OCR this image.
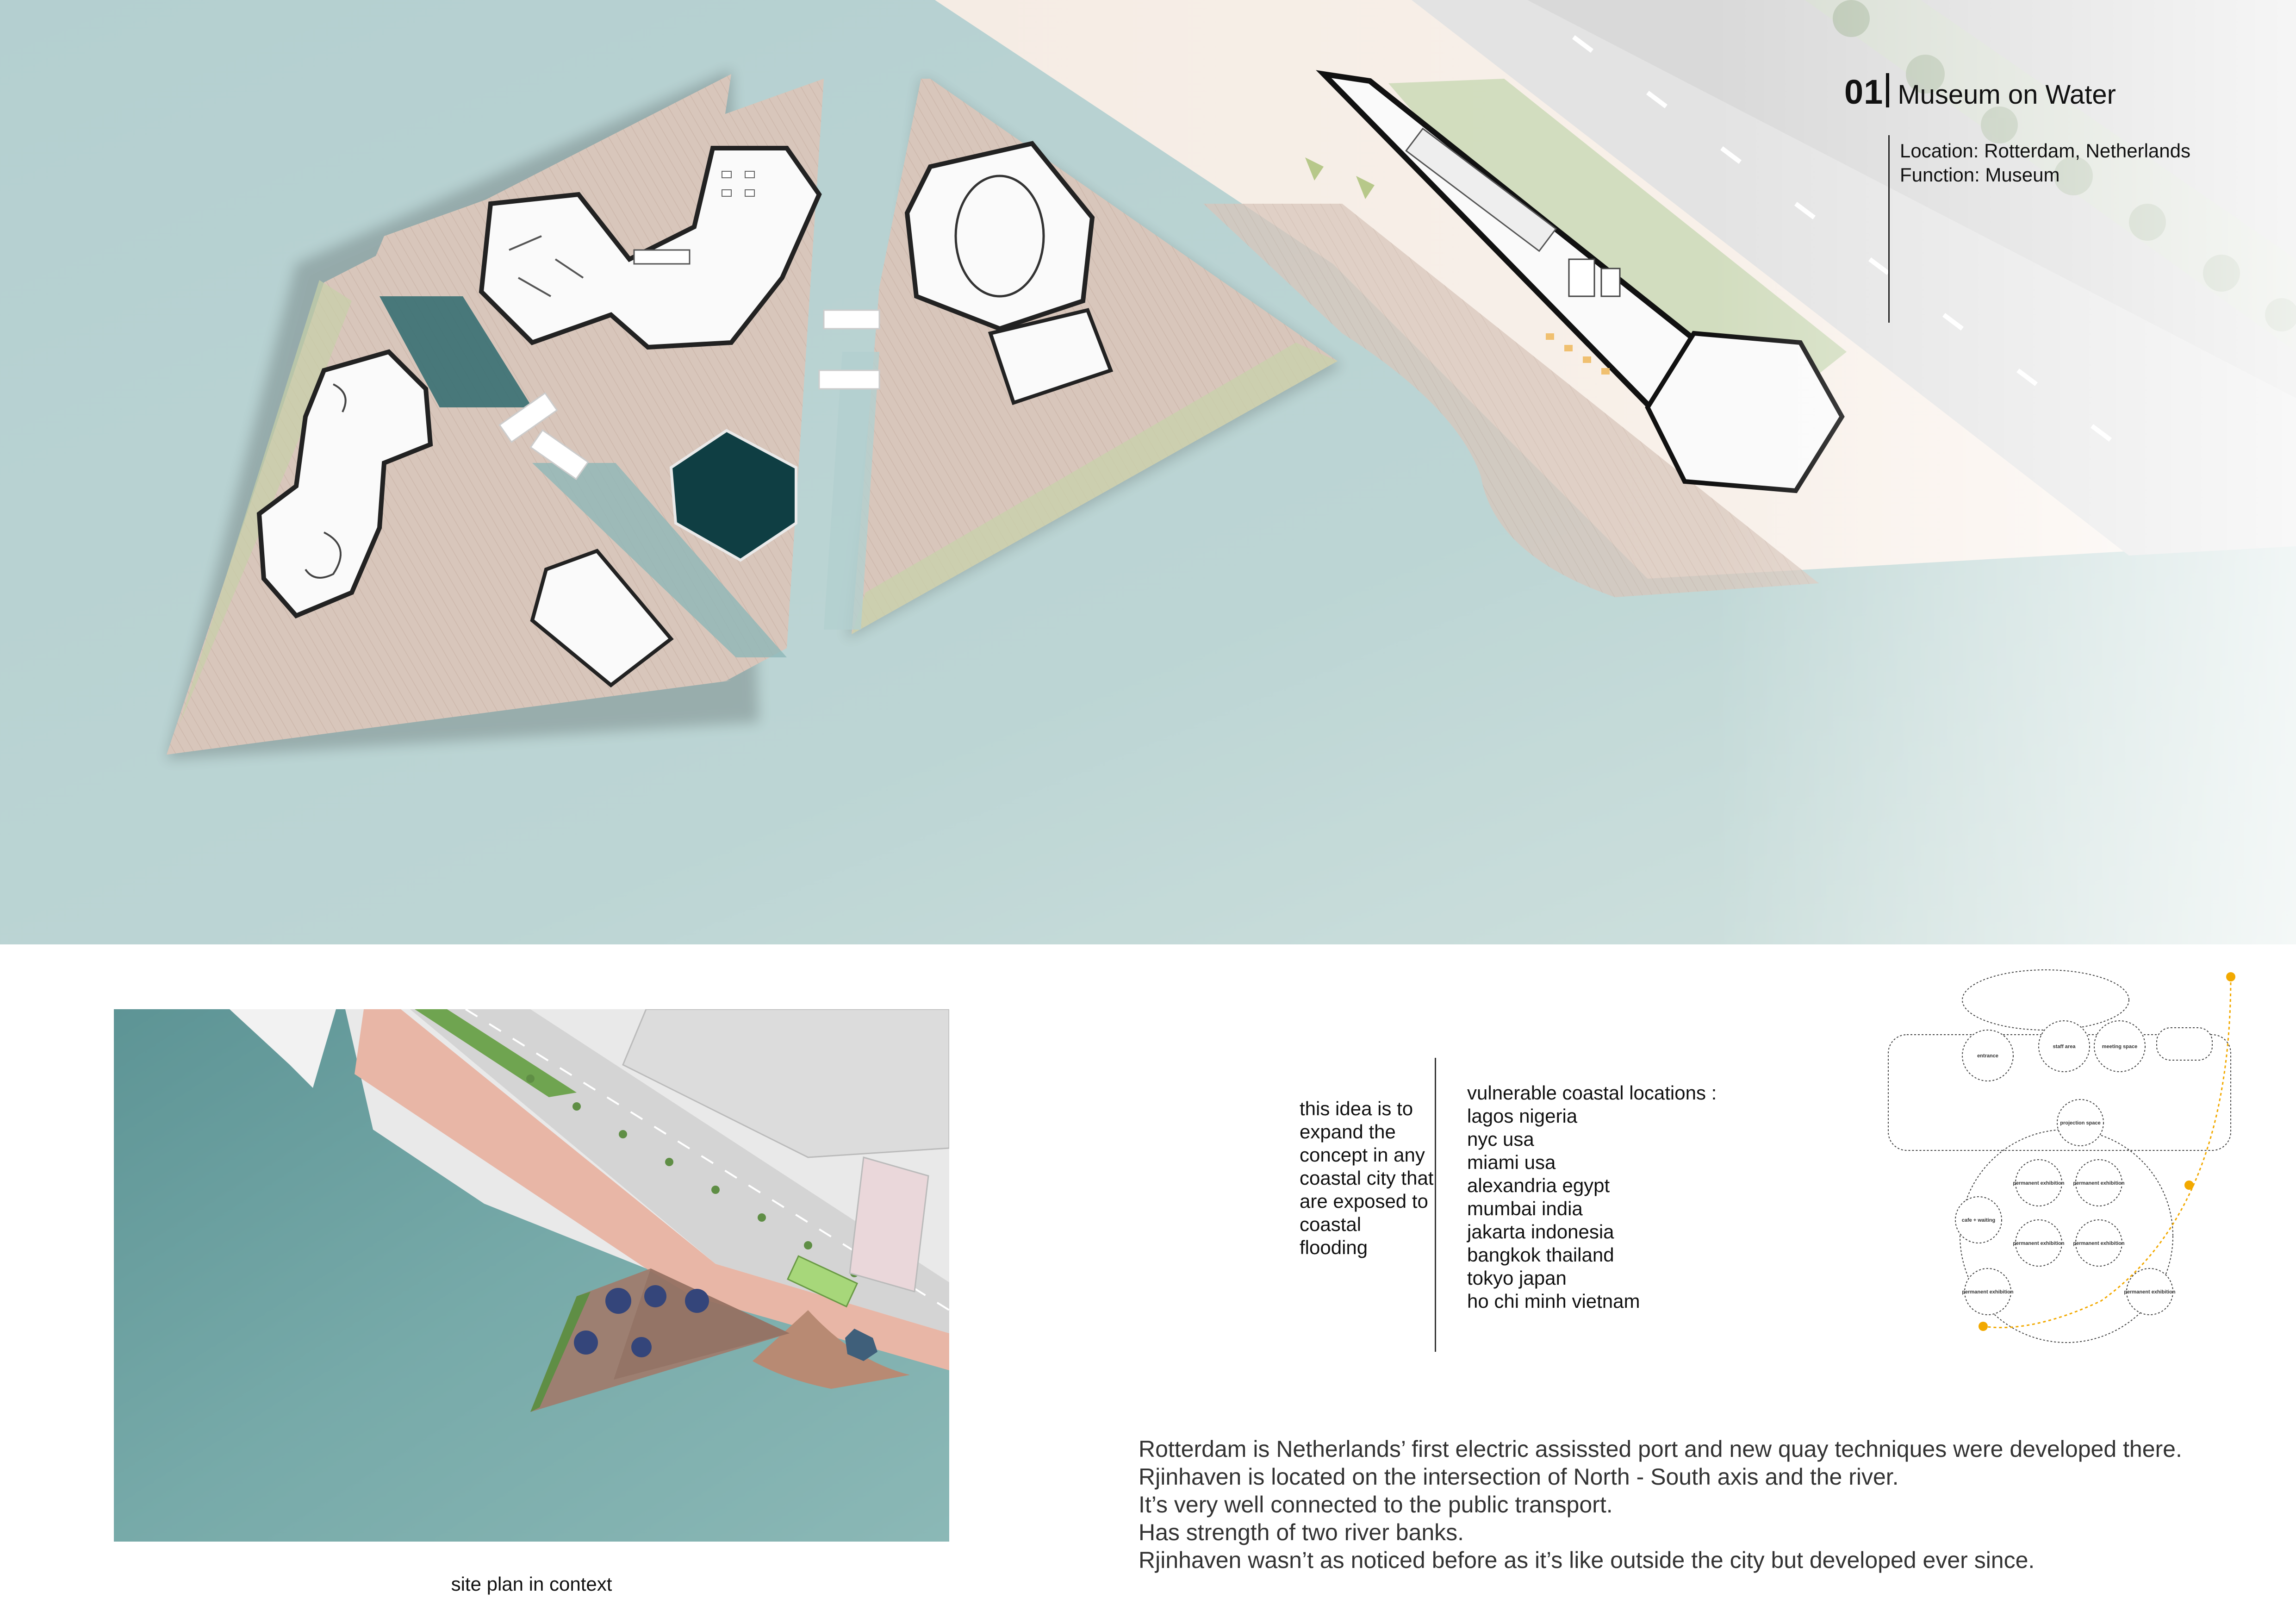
01 Museum on Water
Location: Rotterdam, Netherlands
Function: Museum
site plan in context
this idea is to expand the concept in any coastal city that are exposed to coastal flooding
vulnerable coastal locations :
lagos nigeria
nyc usa
miami usa
alexandria egypt
mumbai india
jakarta indonesia
bangkok thailand
tokyo japan
ho chi minh vietnam
entrance
staff area	meeting space
projection space
cafe + waiting
permanent exhibition permanent exhibition
permanent exhibition permanent exhibition
permanent exhibition	permanent exhibition
Rotterdam is Netherlands’ first electric assissted port and new quay techniques were developed there.
Rjinhaven is located on the intersection of North - South axis and the river.
It’s very well connected to the public transport.
Has strength of two river banks.
Rjinhaven wasn’t as noticed before as it’s like outside the city but developed ever since.
